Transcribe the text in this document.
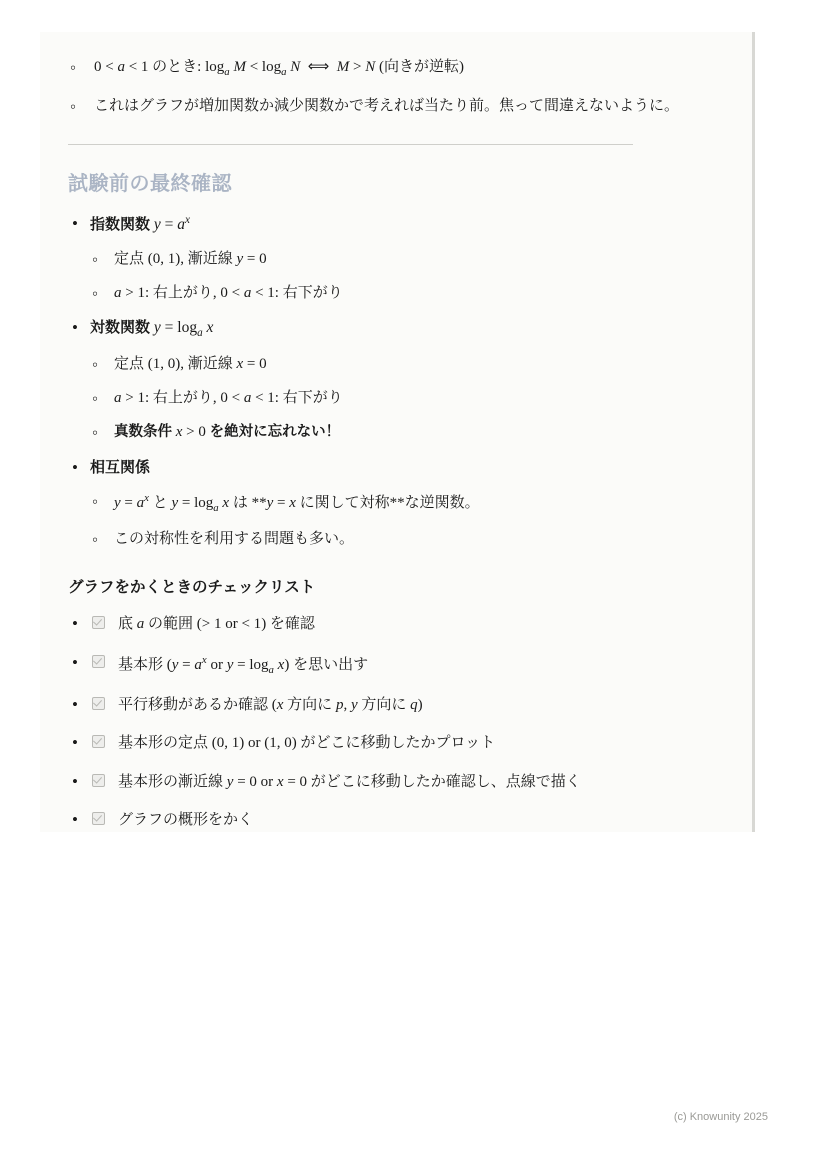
◦ 0 < a < 1 のとき: $\log_a M < \log_a N$ ⟺ M > N (向きが逆転)
◦ これはグラフが増加関数か減少関数かで考えれば当たり前。焦って間違えないように。
試験前の最終確認
• 指数関数 $y = a^x$
◦ 定点 (0, 1), 漸近線 y = 0
◦ a > 1: 右上がり, 0 < a < 1: 右下がり
• 対数関数 $y = \log_a x$
◦ 定点 (1, 0), 漸近線 x = 0
◦ a > 1: 右上がり, 0 < a < 1: 右下がり
◦ 真数条件 x > 0 を絶対に忘れない！
• 相互関係
◦ $y = a^x$ と $y = \log_a x$ は **y = x に関して対称**な逆関数。
◦ この対称性を利用する問題も多い。
グラフをかくときのチェックリスト
• 底 a の範囲 (> 1 or < 1) を確認
• 基本形 ($y = a^x$ or $y = \log_a x$) を思い出す
• 平行移動があるか確認 (x 方向に p, y 方向に q)
• 基本形の定点 (0, 1) or (1, 0) がどこに移動したかプロット
• 基本形の漸近線 y = 0 or x = 0 がどこに移動したか確認し、点線で描く
• グラフの概形をかく
(c) Knowunity 2025
